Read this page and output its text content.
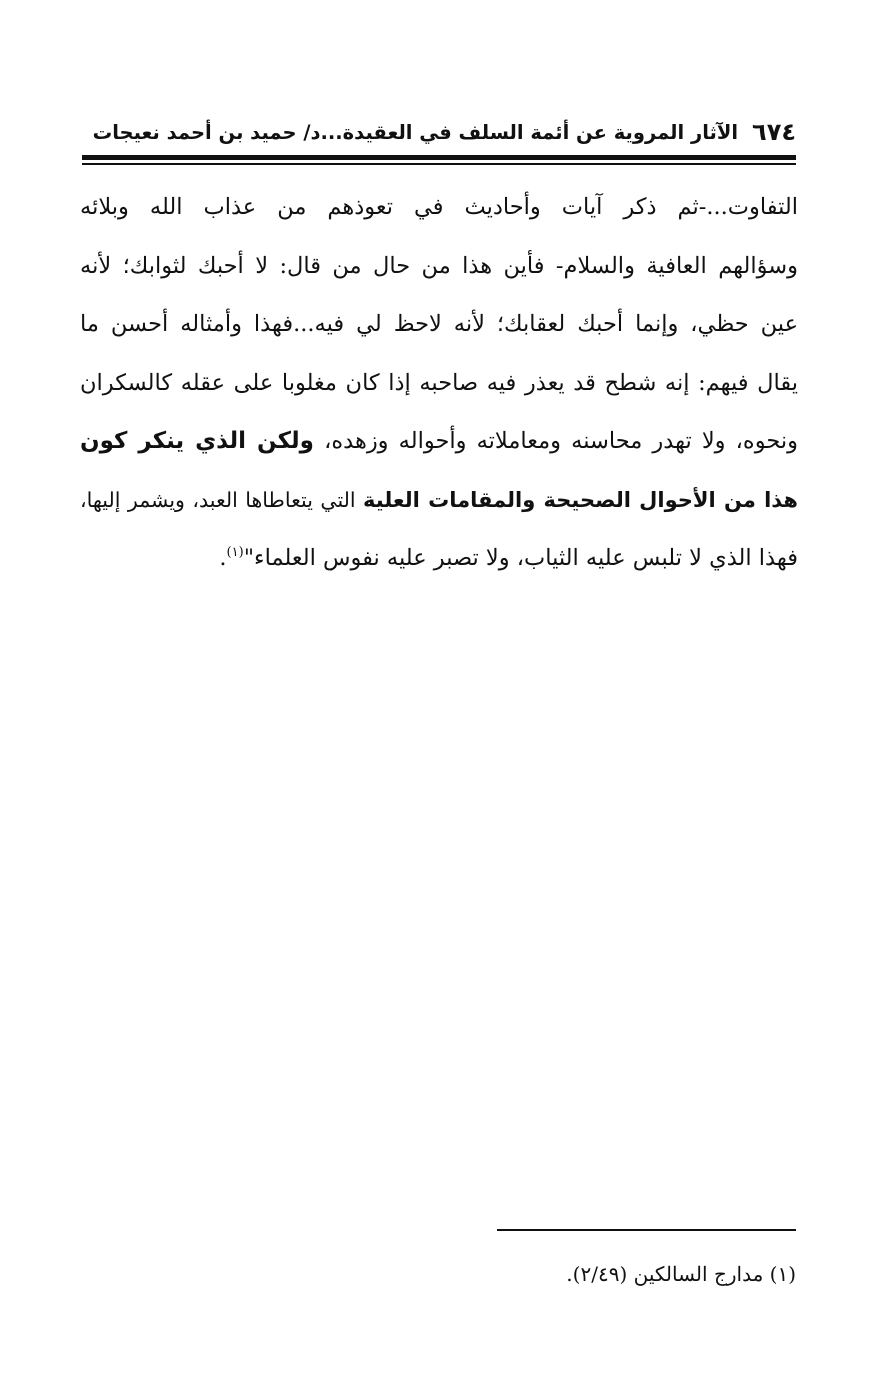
٦٧٤
الآثار المروية عن أئمة السلف في العقيدة...د/ حميد بن أحمد نعيجات
التفاوت...-ثم ذكر آيات وأحاديث في تعوذهم من عذاب الله وبلائه
وسؤالهم العافية والسلام- فأين هذا من حال من قال: لا أحبك لثوابك؛ لأنه
عين حظي، وإنما أحبك لعقابك؛ لأنه لاحظ لي فيه...فهذا وأمثاله أحسن ما
يقال فيهم: إنه شطح قد يعذر فيه صاحبه إذا كان مغلوبا على عقله كالسكران
ونحوه، ولا تهدر محاسنه ومعاملاته وأحواله وزهده، ولكن الذي ينكر كون
هذا من الأحوال الصحيحة والمقامات العلية التي يتعاطاها العبد، ويشمر إليها،
فهذا الذي لا تلبس عليه الثياب، ولا تصبر عليه نفوس العلماء"$^{(١)}$.
(١) مدارج السالكين (٢/٤٩).
